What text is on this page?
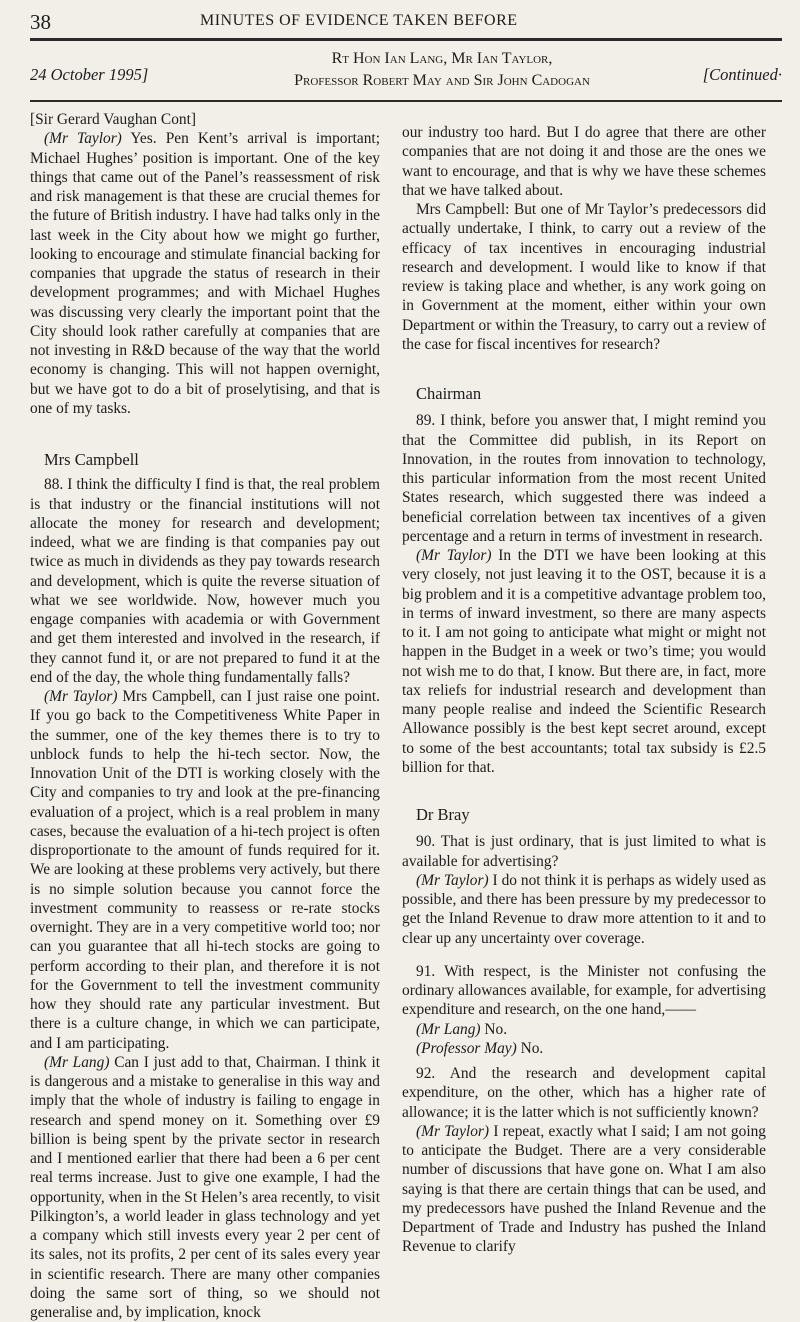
38	MINUTES OF EVIDENCE TAKEN BEFORE
24 October 1995]
Rt Hon Ian Lang, Mr Ian Taylor,
Professor Robert May and Sir John Cadogan	[Continued·

[Sir Gerard Vaughan Cont]

(Mr Taylor) Yes. Pen Kent’s arrival is important; Michael Hughes’ position is important. One of the key things that came out of the Panel’s reassessment of risk and risk management is that these are crucial themes for the future of British industry. I have had talks only in the last week in the City about how we might go further, looking to encourage and stimulate financial backing for companies that upgrade the status of research in their development programmes; and with Michael Hughes was discussing very clearly the important point that the City should look rather carefully at companies that are not investing in R&D because of the way that the world economy is changing. This will not happen overnight, but we have got to do a bit of proselytising, and that is one of my tasks.

Mrs Campbell

88. I think the difficulty I find is that, the real problem is that industry or the financial institutions will not allocate the money for research and development; indeed, what we are finding is that companies pay out twice as much in dividends as they pay towards research and development, which is quite the reverse situation of what we see worldwide. Now, however much you engage companies with academia or with Government and get them interested and involved in the research, if they cannot fund it, or are not prepared to fund it at the end of the day, the whole thing fundamentally falls?

(Mr Taylor) Mrs Campbell, can I just raise one point. If you go back to the Competitiveness White Paper in the summer, one of the key themes there is to try to unblock funds to help the hi-tech sector. Now, the Innovation Unit of the DTI is working closely with the City and companies to try and look at the pre-financing evaluation of a project, which is a real problem in many cases, because the evaluation of a hi-tech project is often disproportionate to the amount of funds required for it. We are looking at these problems very actively, but there is no simple solution because you cannot force the investment community to reassess or re-rate stocks overnight. They are in a very competitive world too; nor can you guarantee that all hi-tech stocks are going to perform according to their plan, and therefore it is not for the Government to tell the investment community how they should rate any particular investment. But there is a culture change, in which we can participate, and I am participating.

(Mr Lang) Can I just add to that, Chairman. I think it is dangerous and a mistake to generalise in this way and imply that the whole of industry is failing to engage in research and spend money on it. Something over £9 billion is being spent by the private sector in research and I mentioned earlier that there had been a 6 per cent real terms increase. Just to give one example, I had the opportunity, when in the St Helen’s area recently, to visit Pilkington’s, a world leader in glass technology and yet a company which still invests every year 2 per cent of its sales, not its profits, 2 per cent of its sales every year in scientific research. There are many other companies doing the same sort of thing, so we should not generalise and, by implication, knock

our industry too hard. But I do agree that there are other companies that are not doing it and those are the ones we want to encourage, and that is why we have these schemes that we have talked about.

Mrs Campbell: But one of Mr Taylor’s predecessors did actually undertake, I think, to carry out a review of the efficacy of tax incentives in encouraging industrial research and development. I would like to know if that review is taking place and whether, is any work going on in Government at the moment, either within your own Department or within the Treasury, to carry out a review of the case for fiscal incentives for research?

Chairman

89. I think, before you answer that, I might remind you that the Committee did publish, in its Report on Innovation, in the routes from innovation to technology, this particular information from the most recent United States research, which suggested there was indeed a beneficial correlation between tax incentives of a given percentage and a return in terms of investment in research.

(Mr Taylor) In the DTI we have been looking at this very closely, not just leaving it to the OST, because it is a big problem and it is a competitive advantage problem too, in terms of inward investment, so there are many aspects to it. I am not going to anticipate what might or might not happen in the Budget in a week or two’s time; you would not wish me to do that, I know. But there are, in fact, more tax reliefs for industrial research and development than many people realise and indeed the Scientific Research Allowance possibly is the best kept secret around, except to some of the best accountants; total tax subsidy is £2.5 billion for that.

Dr Bray

90. That is just ordinary, that is just limited to what is available for advertising?

(Mr Taylor) I do not think it is perhaps as widely used as possible, and there has been pressure by my predecessor to get the Inland Revenue to draw more attention to it and to clear up any uncertainty over coverage.

91. With respect, is the Minister not confusing the ordinary allowances available, for example, for advertising expenditure and research, on the one hand,——

(Mr Lang) No.

(Professor May) No.

92. And the research and development capital expenditure, on the other, which has a higher rate of allowance; it is the latter which is not sufficiently known?

(Mr Taylor) I repeat, exactly what I said; I am not going to anticipate the Budget. There are a very considerable number of discussions that have gone on. What I am also saying is that there are certain things that can be used, and my predecessors have pushed the Inland Revenue and the Department of Trade and Industry has pushed the Inland Revenue to clarify
